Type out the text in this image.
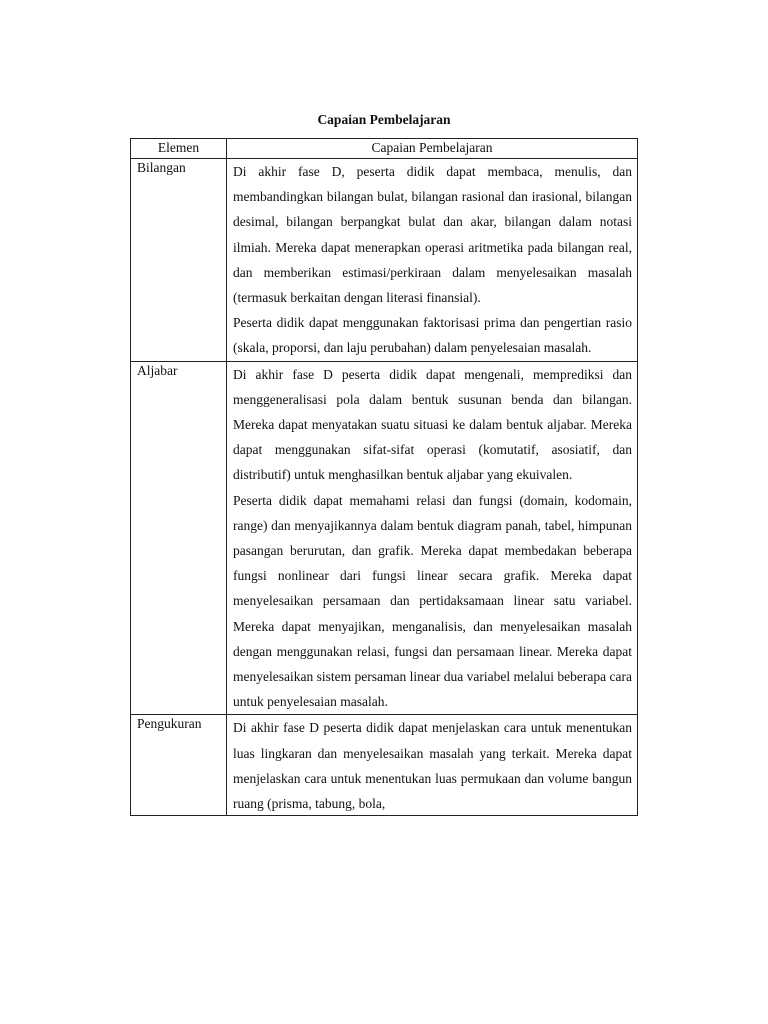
Capaian Pembelajaran
Elemen	Capaian Pembelajaran
Bilangan	Di akhir fase D, peserta didik dapat membaca, menulis, dan membandingkan bilangan bulat, bilangan rasional dan irasional, bilangan desimal, bilangan berpangkat bulat dan akar, bilangan dalam notasi ilmiah. Mereka dapat menerapkan operasi aritmetika pada bilangan real, dan memberikan estimasi/perkiraan dalam menyelesaikan masalah (termasuk berkaitan dengan literasi finansial).

Peserta didik dapat menggunakan faktorisasi prima dan pengertian rasio (skala, proporsi, dan laju perubahan) dalam penyelesaian masalah.

Aljabar	Di akhir fase D peserta didik dapat mengenali, memprediksi dan menggeneralisasi pola dalam bentuk susunan benda dan bilangan. Mereka dapat menyatakan suatu situasi ke dalam bentuk aljabar. Mereka dapat menggunakan sifat-sifat operasi (komutatif, asosiatif, dan distributif) untuk menghasilkan bentuk aljabar yang ekuivalen.

Peserta didik dapat memahami relasi dan fungsi (domain, kodomain, range) dan menyajikannya dalam bentuk diagram panah, tabel, himpunan pasangan berurutan, dan grafik. Mereka dapat membedakan beberapa fungsi nonlinear dari fungsi linear secara grafik. Mereka dapat menyelesaikan persamaan dan pertidaksamaan linear satu variabel. Mereka dapat menyajikan, menganalisis, dan menyelesaikan masalah dengan menggunakan relasi, fungsi dan persamaan linear. Mereka dapat menyelesaikan sistem persaman linear dua variabel melalui beberapa cara untuk penyelesaian masalah.

Pengukuran	Di akhir fase D peserta didik dapat menjelaskan cara untuk menentukan luas lingkaran dan menyelesaikan masalah yang terkait. Mereka dapat menjelaskan cara untuk menentukan luas permukaan dan volume bangun ruang (prisma, tabung, bola,
